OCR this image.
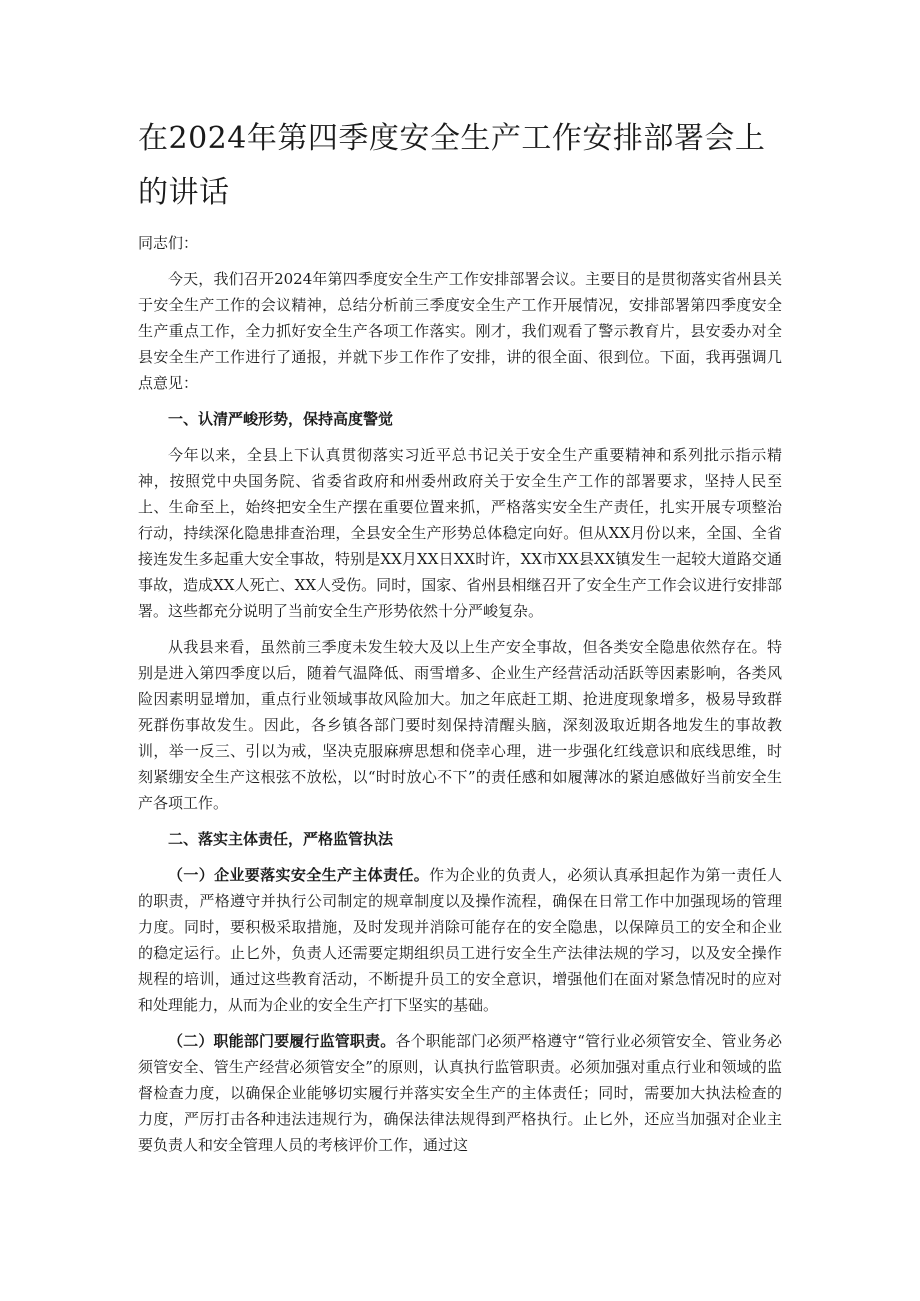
在2024年第四季度安全生产工作安排部署会上的讲话
同志们：

今天，我们召开2024年第四季度安全生产工作安排部署会议。主要目的是贯彻落实省州县关于安全生产工作的会议精神，总结分析前三季度安全生产工作开展情况，安排部署第四季度安全生产重点工作，全力抓好安全生产各项工作落实。刚才，我们观看了警示教育片，县安委办对全县安全生产工作进行了通报，并就下步工作作了安排，讲的很全面、很到位。下面，我再强调几点意见：

一、认清严峻形势，保持高度警觉

今年以来，全县上下认真贯彻落实习近平总书记关于安全生产重要精神和系列批示指示精神，按照党中央国务院、省委省政府和州委州政府关于安全生产工作的部署要求，坚持人民至上、生命至上，始终把安全生产摆在重要位置来抓，严格落实安全生产责任，扎实开展专项整治行动，持续深化隐患排查治理，全县安全生产形势总体稳定向好。但从XX月份以来，全国、全省接连发生多起重大安全事故，特别是XX月XX日XX时许，XX市XX县XX镇发生一起较大道路交通事故，造成XX人死亡、XX人受伤。同时，国家、省州县相继召开了安全生产工作会议进行安排部署。这些都充分说明了当前安全生产形势依然十分严峻复杂。

从我县来看，虽然前三季度未发生较大及以上生产安全事故，但各类安全隐患依然存在。特别是进入第四季度以后，随着气温降低、雨雪增多、企业生产经营活动活跃等因素影响，各类风险因素明显增加，重点行业领域事故风险加大。加之年底赶工期、抢进度现象增多，极易导致群死群伤事故发生。因此，各乡镇各部门要时刻保持清醒头脑，深刻汲取近期各地发生的事故教训，举一反三、引以为戒，坚决克服麻痹思想和侥幸心理，进一步强化红线意识和底线思维，时刻紧绷安全生产这根弦不放松，以“时时放心不下”的责任感和如履薄冰的紧迫感做好当前安全生产各项工作。

二、落实主体责任，严格监管执法

（一）企业要落实安全生产主体责任。作为企业的负责人，必须认真承担起作为第一责任人的职责，严格遵守并执行公司制定的规章制度以及操作流程，确保在日常工作中加强现场的管理力度。同时，要积极采取措施，及时发现并消除可能存在的安全隐患，以保障员工的安全和企业的稳定运行。止匕外，负责人还需要定期组织员工进行安全生产法律法规的学习，以及安全操作规程的培训，通过这些教育活动，不断提升员工的安全意识，增强他们在面对紧急情况时的应对和处理能力，从而为企业的安全生产打下坚实的基础。

（二）职能部门要履行监管职责。各个职能部门必须严格遵守“管行业必须管安全、管业务必须管安全、管生产经营必须管安全”的原则，认真执行监管职责。必须加强对重点行业和领域的监督检查力度，以确保企业能够切实履行并落实安全生产的主体责任；同时，需要加大执法检查的力度，严厉打击各种违法违规行为，确保法律法规得到严格执行。止匕外，还应当加强对企业主要负责人和安全管理人员的考核评价工作，通过这
